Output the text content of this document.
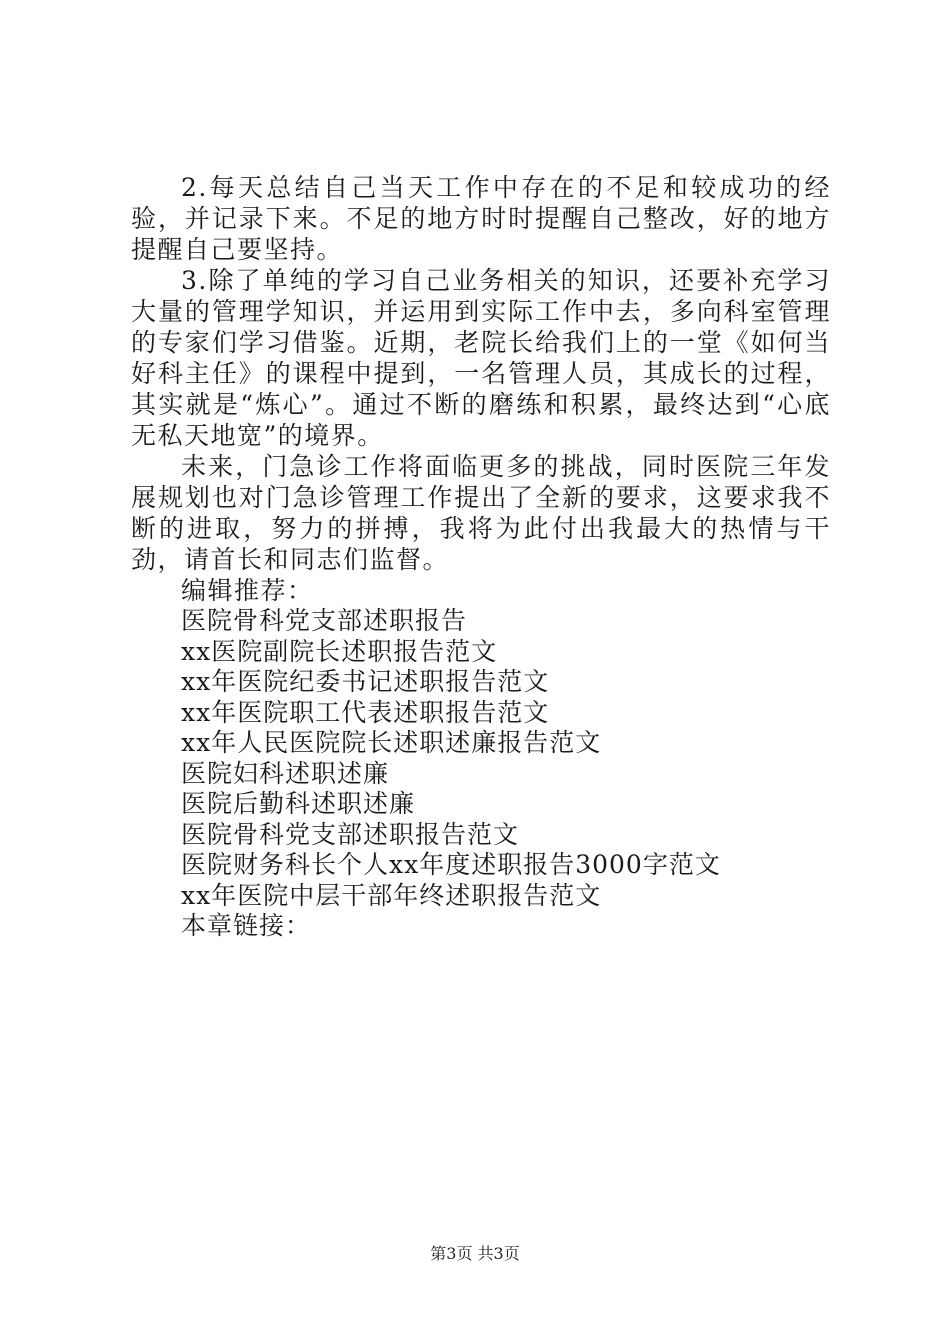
2.每天总结自己当天工作中存在的不足和较成功的经验，并记录下来。不足的地方时时提醒自己整改，好的地方提醒自己要坚持。

3.除了单纯的学习自己业务相关的知识，还要补充学习大量的管理学知识，并运用到实际工作中去，多向科室管理的专家们学习借鉴。近期，老院长给我们上的一堂《如何当好科主任》的课程中提到，一名管理人员，其成长的过程，其实就是“炼心”。通过不断的磨练和积累，最终达到“心底无私天地宽”的境界。

未来，门急诊工作将面临更多的挑战，同时医院三年发展规划也对门急诊管理工作提出了全新的要求，这要求我不断的进取，努力的拼搏，我将为此付出我最大的热情与干劲，请首长和同志们监督。

编辑推荐：

医院骨科党支部述职报告
xx医院副院长述职报告范文
xx年医院纪委书记述职报告范文
xx年医院职工代表述职报告范文
xx年人民医院院长述职述廉报告范文
医院妇科述职述廉
医院后勤科述职述廉
医院骨科党支部述职报告范文
医院财务科长个人xx年度述职报告3000字范文
xx年医院中层干部年终述职报告范文
本章链接：
第3页 共3页
